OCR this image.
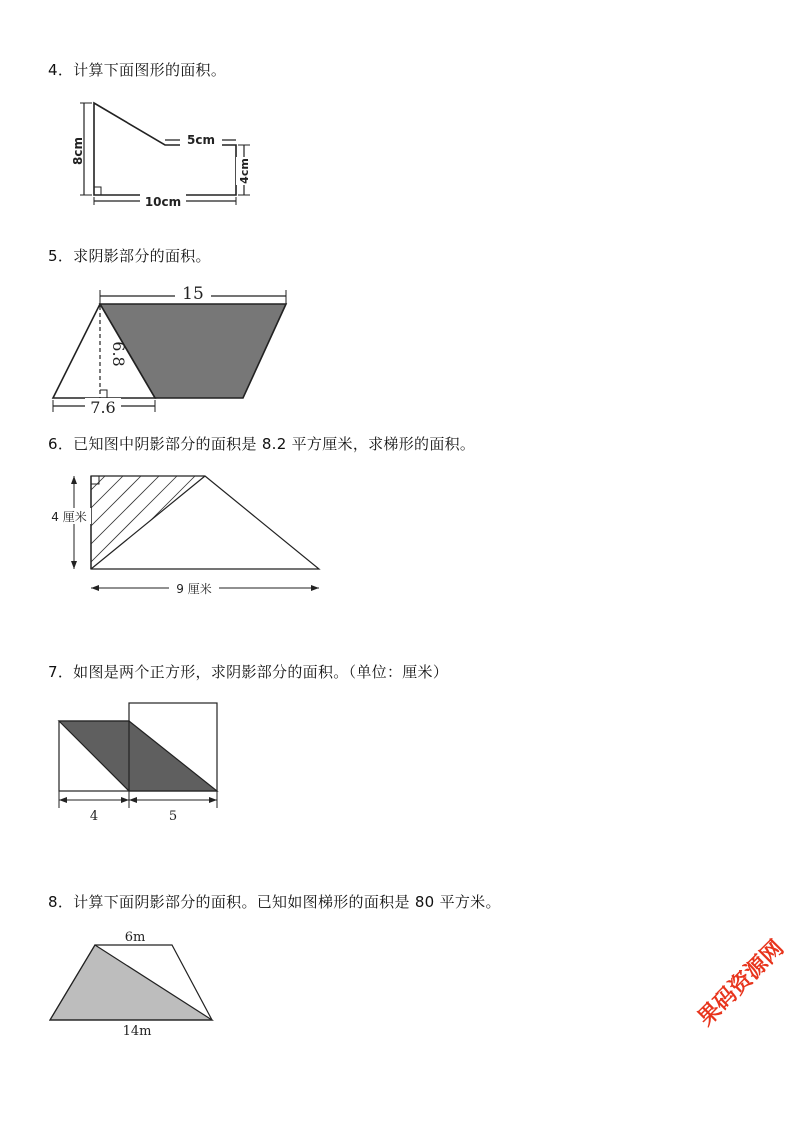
4．计算下面图形的面积。
8cm	5cm
4cm
10cm
5．求阴影部分的面积。
6.8
15
7.6
6．已知图中阴影部分的面积是 8.2 平方厘米，求梯形的面积。
4 厘米
9 厘米
7．如图是两个正方形，求阴影部分的面积。（单位：厘米）
4	5
8．计算下面阴影部分的面积。已知如图梯形的面积是 80 平方米。
6m
14m
果码资源网
